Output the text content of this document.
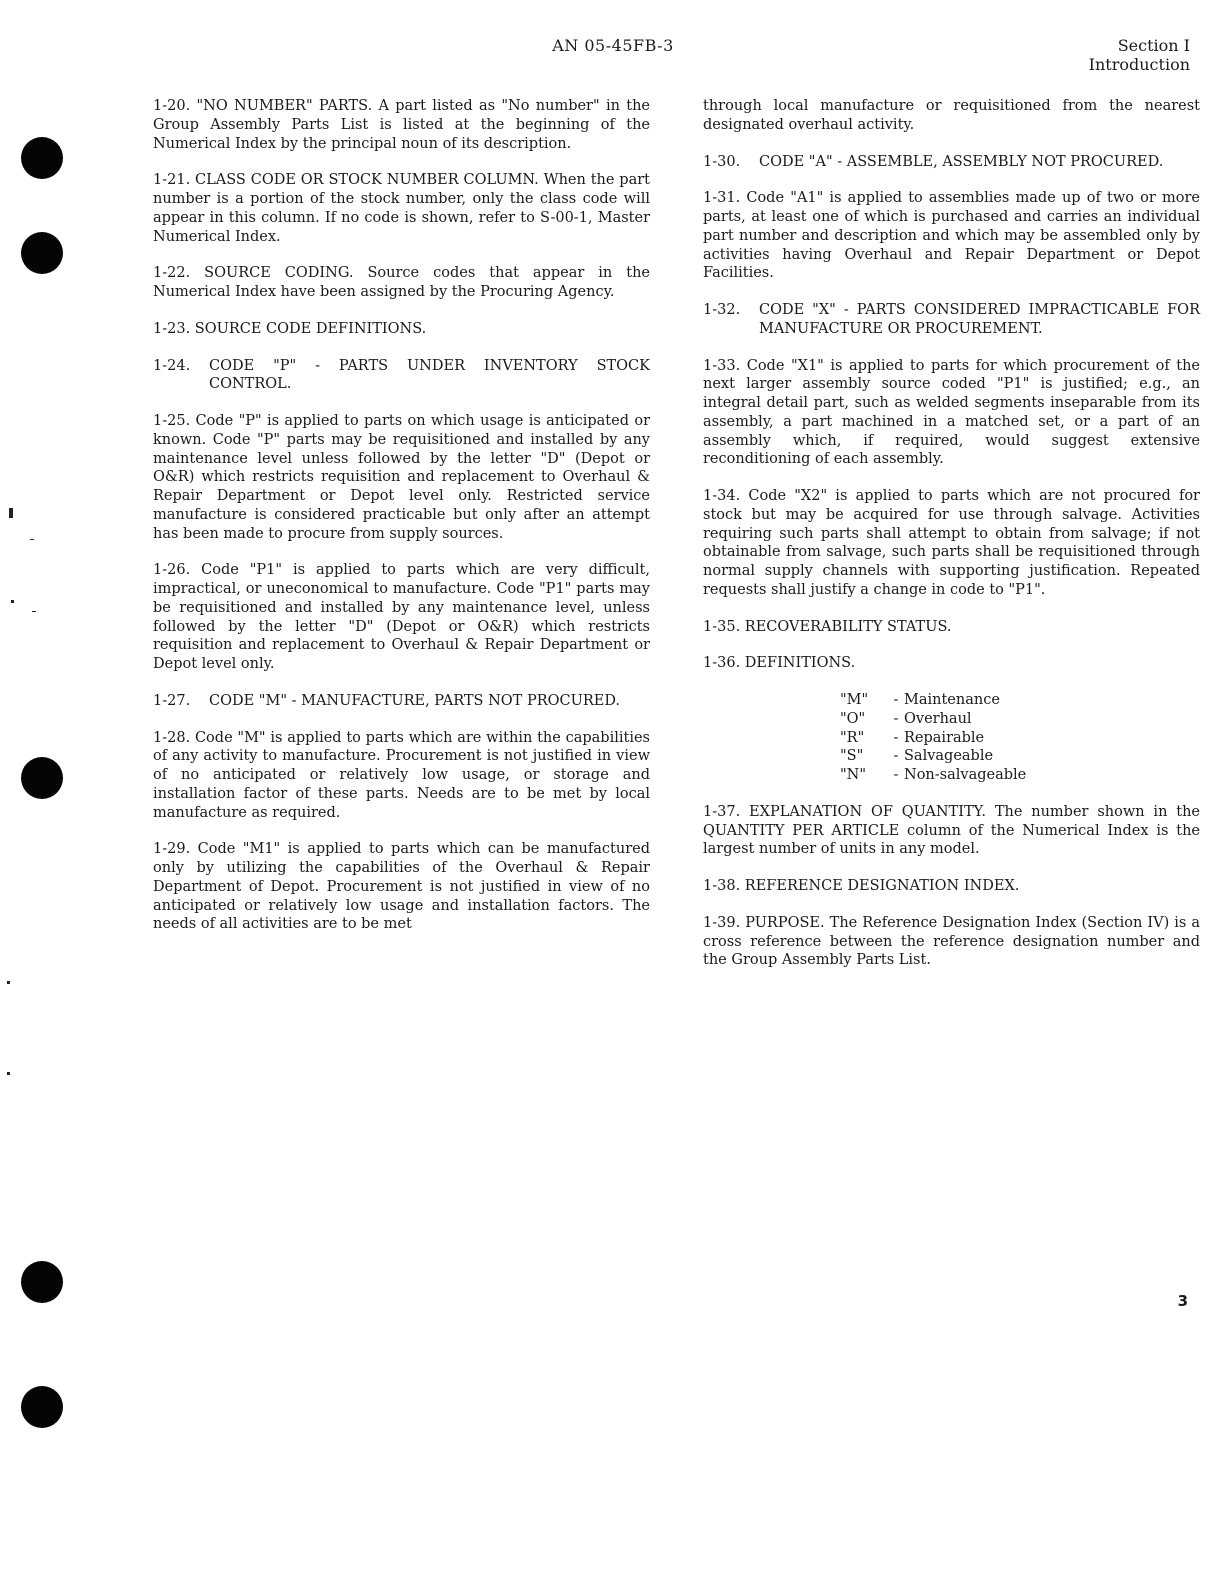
AN 05-45FB-3	Section I
Introduction

1-20. "NO NUMBER" PARTS. A part listed as "No number" in the Group Assembly Parts List is listed at the beginning of the Numerical Index by the principal noun of its description.

1-21. CLASS CODE OR STOCK NUMBER COLUMN. When the part number is a portion of the stock number, only the class code will appear in this column. If no code is shown, refer to S-00-1, Master Numerical Index.

1-22. SOURCE CODING. Source codes that appear in the Numerical Index have been assigned by the Procuring Agency.

1-23. SOURCE CODE DEFINITIONS.

1-24.	CODE "P" - PARTS UNDER INVENTORY STOCK CONTROL.

1-25. Code "P" is applied to parts on which usage is anticipated or known. Code "P" parts may be requisitioned and installed by any maintenance level unless followed by the letter "D" (Depot or O&R) which restricts requisition and replacement to Overhaul & Repair Department or Depot level only. Restricted service manufacture is considered practicable but only after an attempt has been made to procure from supply sources.

1-26. Code "P1" is applied to parts which are very difficult, impractical, or uneconomical to manufacture. Code "P1" parts may be requisitioned and installed by any maintenance level, unless followed by the letter "D" (Depot or O&R) which restricts requisition and replacement to Overhaul & Repair Department or Depot level only.

1-27.	CODE "M" - MANUFACTURE, PARTS NOT PROCURED.

1-28. Code "M" is applied to parts which are within the capabilities of any activity to manufacture. Procurement is not justified in view of no anticipated or relatively low usage, or storage and installation factor of these parts. Needs are to be met by local manufacture as required.

1-29. Code "M1" is applied to parts which can be manufactured only by utilizing the capabilities of the Overhaul & Repair Department of Depot. Procurement is not justified in view of no anticipated or relatively low usage and installation factors. The needs of all activities are to be met

through local manufacture or requisitioned from the nearest designated overhaul activity.

1-30.	CODE "A" - ASSEMBLE, ASSEMBLY NOT PROCURED.

1-31. Code "A1" is applied to assemblies made up of two or more parts, at least one of which is purchased and carries an individual part number and description and which may be assembled only by activities having Overhaul and Repair Department or Depot Facilities.

1-32.	CODE "X" - PARTS CONSIDERED IMPRACTICABLE FOR MANUFACTURE OR PROCUREMENT.

1-33. Code "X1" is applied to parts for which procurement of the next larger assembly source coded "P1" is justified; e.g., an integral detail part, such as welded segments inseparable from its assembly, a part machined in a matched set, or a part of an assembly which, if required, would suggest extensive reconditioning of each assembly.

1-34. Code "X2" is applied to parts which are not procured for stock but may be acquired for use through salvage. Activities requiring such parts shall attempt to obtain from salvage; if not obtainable from salvage, such parts shall be requisitioned through normal supply channels with supporting justification. Repeated requests shall justify a change in code to "P1".

1-35. RECOVERABILITY STATUS.

1-36. DEFINITIONS.

"M"	- Maintenance
"O"	- Overhaul
"R"	- Repairable
"S"	- Salvageable
"N"	- Non-salvageable

1-37. EXPLANATION OF QUANTITY. The number shown in the QUANTITY PER ARTICLE column of the Numerical Index is the largest number of units in any model.

1-38. REFERENCE DESIGNATION INDEX.

1-39. PURPOSE. The Reference Designation Index (Section IV) is a cross reference between the reference designation number and the Group Assembly Parts List.

3
